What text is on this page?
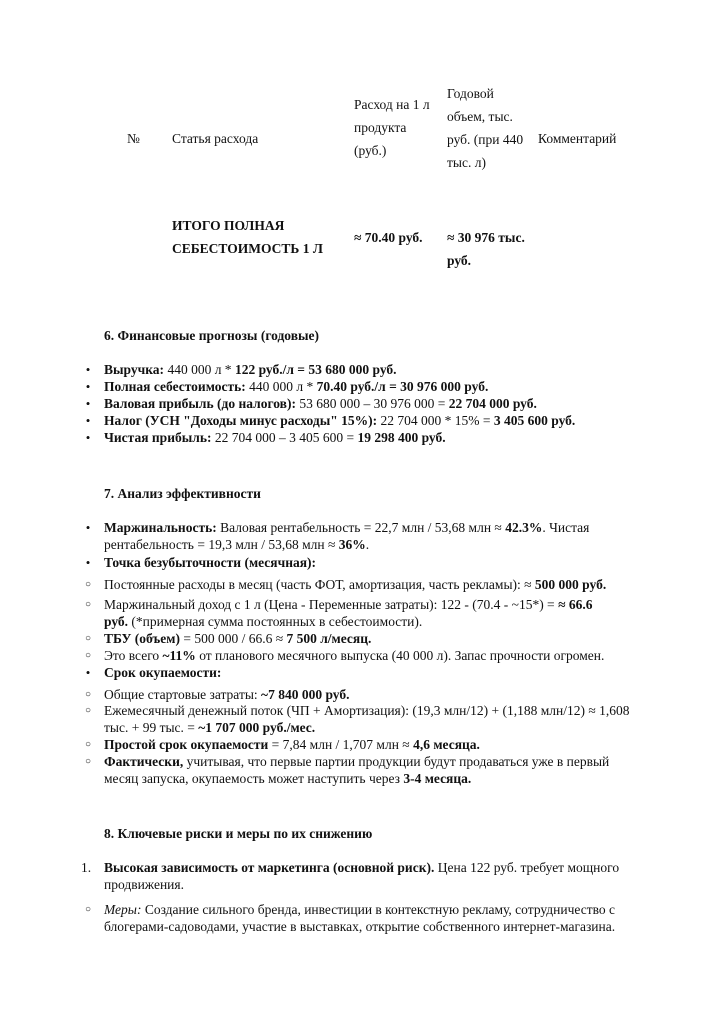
№ Статья расхода
Расход на 1 л продукта (руб.)
Годовой объем, тыс. руб. (при 440 тыс. л)
Комментарий
ИТОГО ПОЛНАЯ СЕБЕСТОИМОСТЬ 1 Л
≈ 70.40 руб.	≈ 30 976 тыс. руб.
6. Финансовые прогнозы (годовые)
• Выручка: 440 000 л * 122 руб./л = 53 680 000 руб.
• Полная себестоимость: 440 000 л * 70.40 руб./л = 30 976 000 руб.
• Валовая прибыль (до налогов): 53 680 000 – 30 976 000 = 22 704 000 руб.
• Налог (УСН "Доходы минус расходы" 15%): 22 704 000 * 15% = 3 405 600 руб.
• Чистая прибыль: 22 704 000 – 3 405 600 = 19 298 400 руб.
7. Анализ эффективности
• Маржинальность: Валовая рентабельность = 22,7 млн / 53,68 млн ≈ 42.3%. Чистая
рентабельность = 19,3 млн / 53,68 млн ≈ 36%.
• Точка безубыточности (месячная):
○ Постоянные расходы в месяц (часть ФОТ, амортизация, часть рекламы): ≈ 500 000 руб.
○ Маржинальный доход с 1 л (Цена - Переменные затраты): 122 - (70.4 - ~15*) = ≈ 66.6
руб. (*примерная сумма постоянных в себестоимости).
○ ТБУ (объем) = 500 000 / 66.6 ≈ 7 500 л/месяц.
○ Это всего ~11% от планового месячного выпуска (40 000 л). Запас прочности огромен.
• Срок окупаемости:
○ Общие стартовые затраты: ~7 840 000 руб.
○ Ежемесячный денежный поток (ЧП + Амортизация): (19,3 млн/12) + (1,188 млн/12) ≈ 1,608
тыс. + 99 тыс. = ~1 707 000 руб./мес.
○ Простой срок окупаемости = 7,84 млн / 1,707 млн ≈ 4,6 месяца.
○ Фактически, учитывая, что первые партии продукции будут продаваться уже в первый
месяц запуска, окупаемость может наступить через 3-4 месяца.
8. Ключевые риски и меры по их снижению
1. Высокая зависимость от маркетинга (основной риск). Цена 122 руб. требует мощного
продвижения.
○ Меры: Создание сильного бренда, инвестиции в контекстную рекламу, сотрудничество с
блогерами-садоводами, участие в выставках, открытие собственного интернет-магазина.
